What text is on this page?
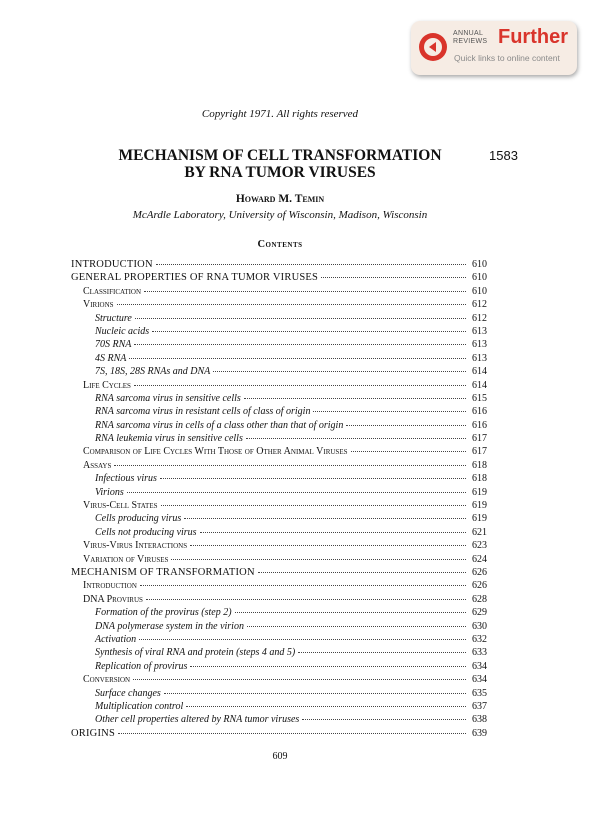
ANNUAL
REVIEWS Further
Quick links to online content
Copyright 1971. All rights reserved
MECHANISM OF CELL TRANSFORMATION
BY RNA TUMOR VIRUSES
1583
Howard M. Temin
McArdle Laboratory, University of Wisconsin, Madison, Wisconsin
Contents
INTRODUCTION	610
GENERAL PROPERTIES OF RNA TUMOR VIRUSES	610
Classification	610
Virions	612
Structure	612
Nucleic acids	613
70S RNA	613
4S RNA	613
7S, 18S, 28S RNAs and DNA	614
Life Cycles	614
RNA sarcoma virus in sensitive cells	615
RNA sarcoma virus in resistant cells of class of origin	616
RNA sarcoma virus in cells of a class other than that of origin	616
RNA leukemia virus in sensitive cells	617
Comparison of Life Cycles With Those of Other Animal Viruses	617
Assays	618
Infectious virus	618
Virions	619
Virus-Cell States	619
Cells producing virus	619
Cells not producing virus	621
Virus-Virus Interactions	623
Variation of Viruses	624
MECHANISM OF TRANSFORMATION	626
Introduction	626
DNA Provirus	628
Formation of the provirus (step 2)	629
DNA polymerase system in the virion	630
Activation	632
Synthesis of viral RNA and protein (steps 4 and 5)	633
Replication of provirus	634
Conversion	634
Surface changes	635
Multiplication control	637
Other cell properties altered by RNA tumor viruses	638
ORIGINS	639
609
